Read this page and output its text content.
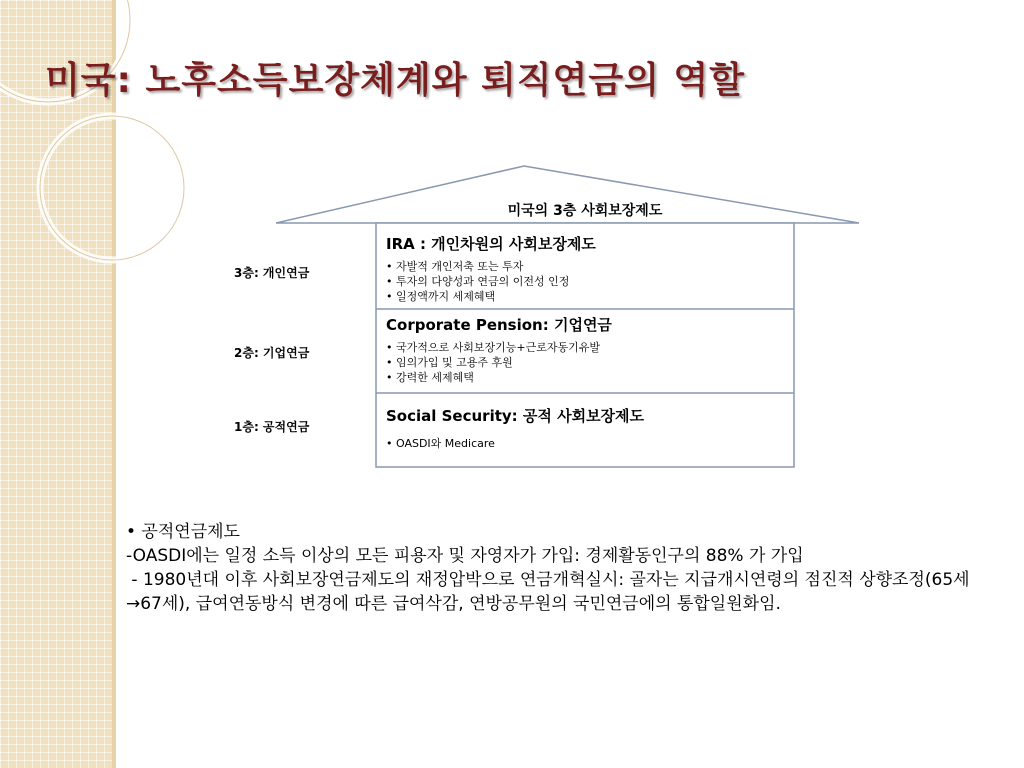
미국: 노후소득보장체계와 퇴직연금의 역할
미국의 3층 사회보장제도
3층: 개인연금
IRA : 개인차원의 사회보장제도
• 자발적 개인저축 또는 투자
• 투자의 다양성과 연금의 이전성 인정
• 일정액까지 세제혜택
2층: 기업연금
Corporate Pension: 기업연금
• 국가적으로 사회보장기능+근로자동기유발
• 임의가입 및 고용주 후원
• 강력한 세제혜택
1층: 공적연금
Social Security: 공적 사회보장제도
• OASDI와 Medicare

• 공적연금제도

-OASDI에는 일정 소득 이상의 모든 피용자 및 자영자가 가입: 경제활동인구의 88% 가 가입

- 1980년대 이후 사회보장연금제도의 재정압박으로 연금개혁실시: 골자는 지급개시연령의 점진적 상향조정(65세→67세), 급여연동방식 변경에 따른 급여삭감, 연방공무원의 국민연금에의 통합일원화임.
